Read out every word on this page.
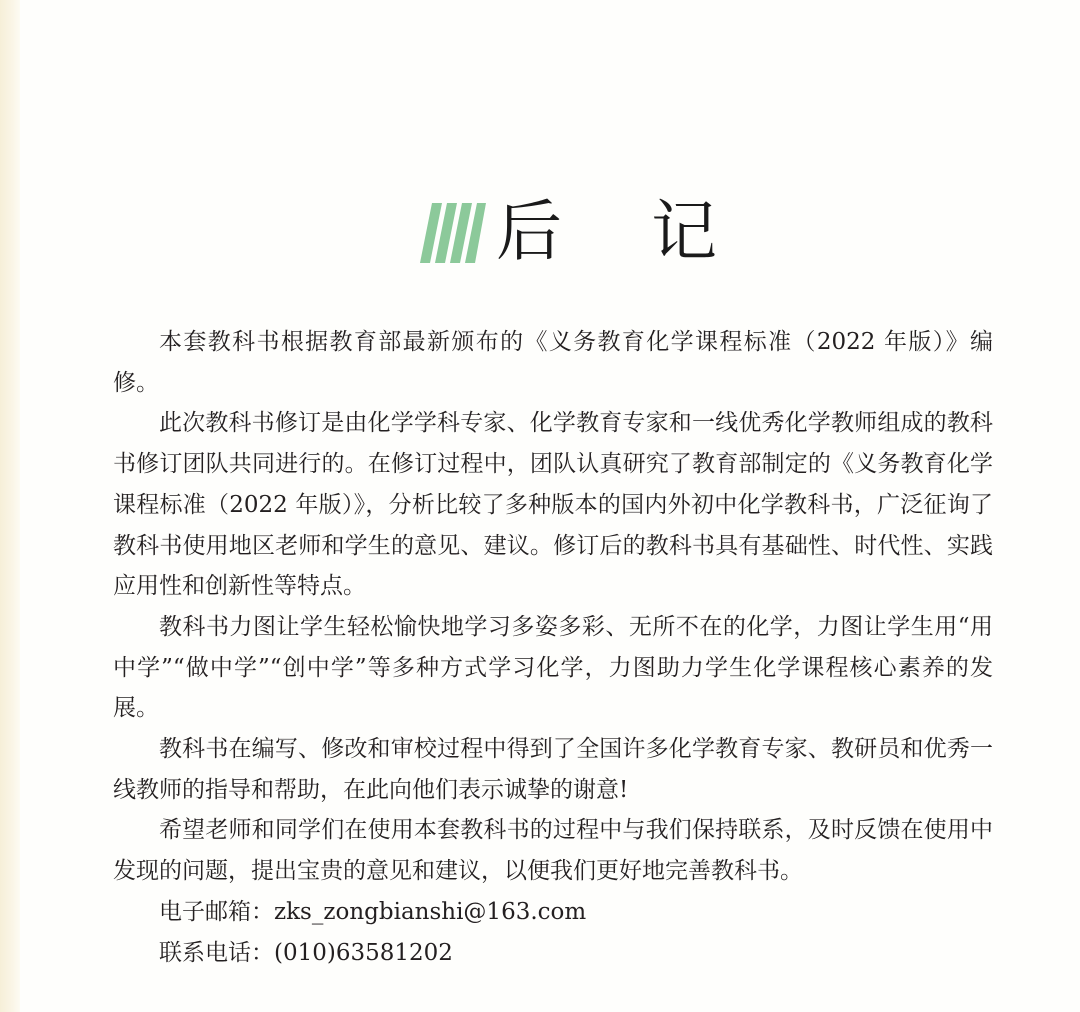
后 记

本套教科书根据教育部最新颁布的《义务教育化学课程标准（2022 年版）》编修。

此次教科书修订是由化学学科专家、化学教育专家和一线优秀化学教师组成的教科书修订团队共同进行的。在修订过程中，团队认真研究了教育部制定的《义务教育化学课程标准（2022 年版）》，分析比较了多种版本的国内外初中化学教科书，广泛征询了教科书使用地区老师和学生的意见、建议。修订后的教科书具有基础性、时代性、实践应用性和创新性等特点。

教科书力图让学生轻松愉快地学习多姿多彩、无所不在的化学，力图让学生用“用中学”“做中学”“创中学”等多种方式学习化学，力图助力学生化学课程核心素养的发展。

教科书在编写、修改和审校过程中得到了全国许多化学教育专家、教研员和优秀一线教师的指导和帮助，在此向他们表示诚挚的谢意!

希望老师和同学们在使用本套教科书的过程中与我们保持联系，及时反馈在使用中发现的问题，提出宝贵的意见和建议，以便我们更好地完善教科书。

电子邮箱：zks_zongbianshi@163.com

联系电话：(010)63581202
